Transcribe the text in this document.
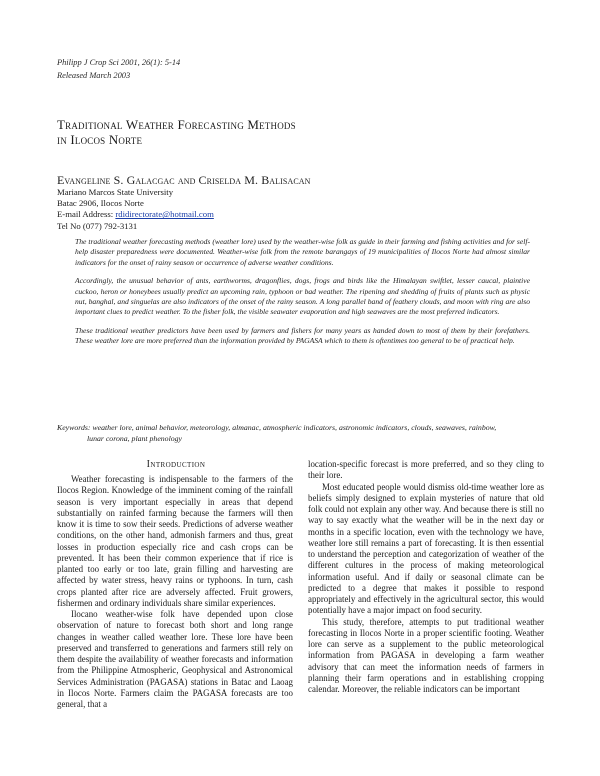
Philipp J Crop Sci 2001, 26(1): 5-14
Released March 2003
Traditional Weather Forecasting Methods
in Ilocos Norte
Evangeline S. Galacgac and Criselda M. Balisacan
Mariano Marcos State University
Batac 2906, Ilocos Norte
E-mail Address: rdidirectorate@hotmail.com
Tel No (077) 792-3131

The traditional weather forecasting methods (weather lore) used by the weather-wise folk as guide in their farming and fishing activities and for self-help disaster preparedness were documented. Weather-wise folk from the remote barangays of 19 municipalities of Ilocos Norte had almost similar indicators for the onset of rainy season or occurrence of adverse weather conditions.

Accordingly, the unusual behavior of ants, earthworms, dragonflies, dogs, frogs and birds like the Himalayan swiftlet, lesser caucal, plaintive cuckoo, heron or honeybees usually predict an upcoming rain, typhoon or bad weather. The ripening and shedding of fruits of plants such as physic nut, banghal, and singuelas are also indicators of the onset of the rainy season. A long parallel band of feathery clouds, and moon with ring are also important clues to predict weather. To the fisher folk, the visible seawater evaporation and high seawaves are the most preferred indicators.

These traditional weather predictors have been used by farmers and fishers for many years as handed down to most of them by their forefathers. These weather lore are more preferred than the information provided by PAGASA which to them is oftentimes too general to be of practical help.

Keywords: weather lore, animal behavior, meteorology, almanac, atmospheric indicators, astronomic indicators, clouds, seawaves, rainbow,
lunar corona, plant phenology
Introduction

Weather forecasting is indispensable to the farmers of the Ilocos Region. Knowledge of the imminent coming of the rainfall season is very important especially in areas that depend substantially on rainfed farming because the farmers will then know it is time to sow their seeds. Predictions of adverse weather conditions, on the other hand, admonish farmers and thus, great losses in production especially rice and cash crops can be prevented. It has been their common experience that if rice is planted too early or too late, grain filling and harvesting are affected by water stress, heavy rains or typhoons. In turn, cash crops planted after rice are adversely affected. Fruit growers, fishermen and ordinary individuals share similar experiences.

Ilocano weather-wise folk have depended upon close observation of nature to forecast both short and long range changes in weather called weather lore. These lore have been preserved and transferred to generations and farmers still rely on them despite the availability of weather forecasts and information from the Philippine Atmospheric, Geophysical and Astronomical Services Administration (PAGASA) stations in Batac and Laoag in Ilocos Norte. Farmers claim the PAGASA forecasts are too general, that a

location-specific forecast is more preferred, and so they cling to their lore.

Most educated people would dismiss old-time weather lore as beliefs simply designed to explain mysteries of nature that old folk could not explain any other way. And because there is still no way to say exactly what the weather will be in the next day or months in a specific location, even with the technology we have, weather lore still remains a part of forecasting. It is then essential to understand the perception and categorization of weather of the different cultures in the process of making meteorological information useful. And if daily or seasonal climate can be predicted to a degree that makes it possible to respond appropriately and effectively in the agricultural sector, this would potentially have a major impact on food security.

This study, therefore, attempts to put traditional weather forecasting in Ilocos Norte in a proper scientific footing. Weather lore can serve as a supplement to the public meteorological information from PAGASA in developing a farm weather advisory that can meet the information needs of farmers in planning their farm operations and in establishing cropping calendar. Moreover, the reliable indicators can be important
